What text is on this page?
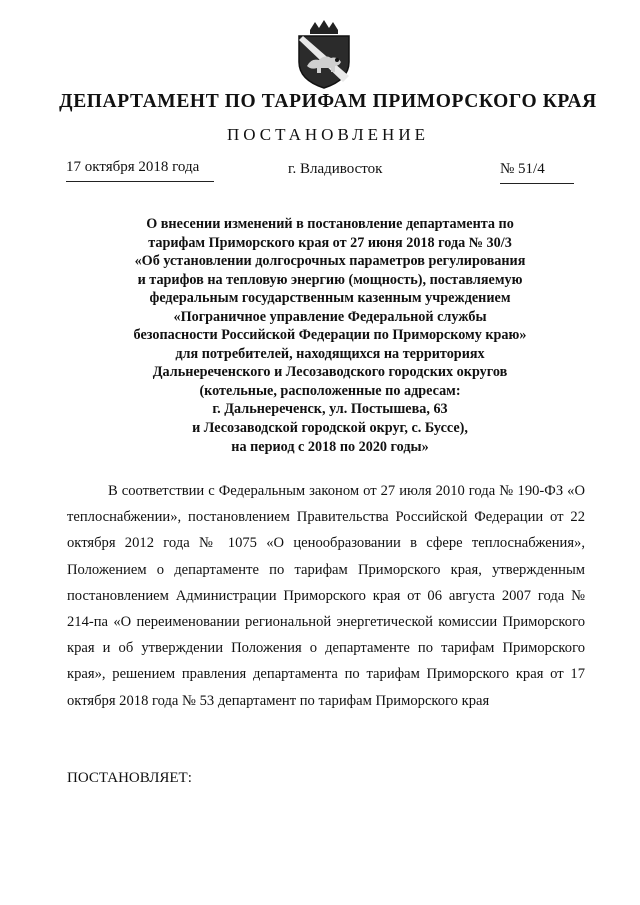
ДЕПАРТАМЕНТ ПО ТАРИФАМ ПРИМОРСКОГО КРАЯ
ПОСТАНОВЛЕНИЕ
17 октября 2018 года	г. Владивосток	№ 51/4
О внесении изменений в постановление департамента по
тарифам Приморского края от 27 июня 2018 года № 30/3
«Об установлении долгосрочных параметров регулирования
и тарифов на тепловую энергию (мощность), поставляемую
федеральным государственным казенным учреждением
«Пограничное управление Федеральной службы
безопасности Российской Федерации по Приморскому краю»
для потребителей, находящихся на территориях
Дальнереченского и Лесозаводского городских округов
(котельные, расположенные по адресам:
г. Дальнереченск, ул. Постышева, 63
и Лесозаводской городской округ, с. Буссе),
на период с 2018 по 2020 годы»
В соответствии с Федеральным законом от 27 июля 2010 года № 190-ФЗ «О теплоснабжении», постановлением Правительства Российской Федерации от 22 октября 2012 года № 1075 «О ценообразовании в сфере теплоснабжения», Положением о департаменте по тарифам Приморского края, утвержденным постановлением Администрации Приморского края от 06 августа 2007 года № 214-па «О переименовании региональной энергетической комиссии Приморского края и об утверждении Положения о департаменте по тарифам Приморского края», решением правления департамента по тарифам Приморского края от 17 октября 2018 года № 53 департамент по тарифам Приморского края
ПОСТАНОВЛЯЕТ:
